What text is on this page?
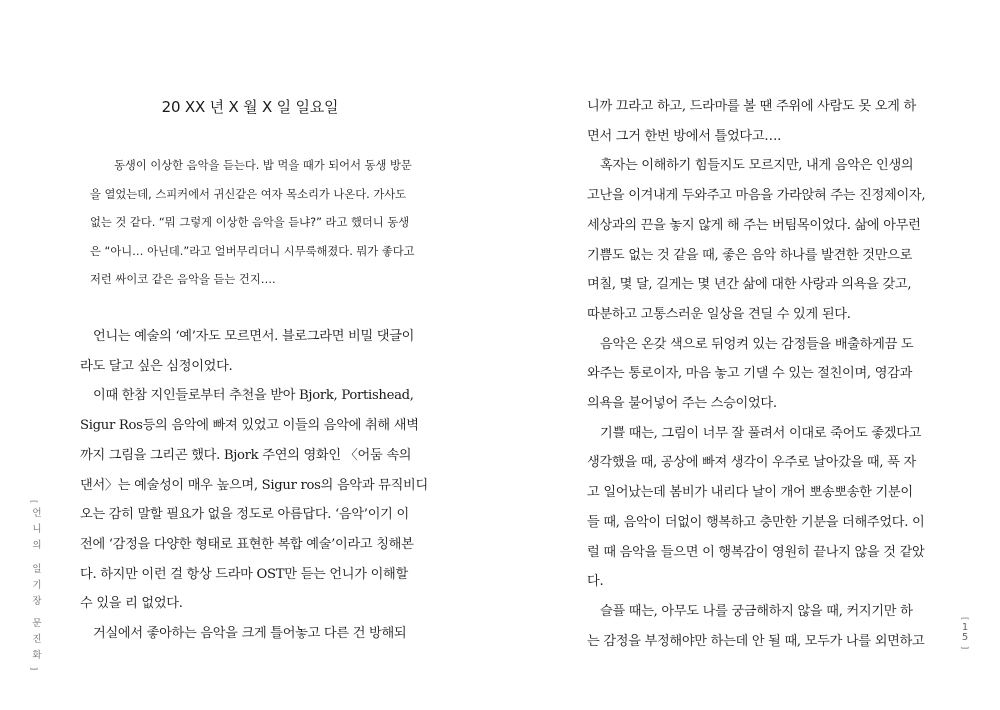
20 XX 년 X 월 X 일 일요일
동생이 이상한 음악을 듣는다. 밥 먹을 때가 되어서 동생 방문
을 열었는데, 스피커에서 귀신같은 여자 목소리가 나온다. 가사도
없는 것 같다. “뭐 그렇게 이상한 음악을 듣냐?” 라고 했더니 동생
은 “아니… 아닌데.”라고 얼버무리더니 시무룩해졌다. 뭐가 좋다고
저런 싸이코 같은 음악을 듣는 건지….
언니는 예술의 ‘예’자도 모르면서. 블로그라면 비밀 댓글이
라도 달고 싶은 심정이었다.
이때 한참 지인들로부터 추천을 받아 Bjork, Portishead,
Sigur Ros등의 음악에 빠져 있었고 이들의 음악에 취해 새벽
까지 그림을 그리곤 했다. Bjork 주연의 영화인 〈어둠 속의
댄서〉는 예술성이 매우 높으며, Sigur ros의 음악과 뮤직비디
오는 감히 말할 필요가 없을 정도로 아름답다. ‘음악’이기 이
전에 ‘감정을 다양한 형태로 표현한 복합 예술’이라고 칭해본
다. 하지만 이런 걸 항상 드라마 OST만 듣는 언니가 이해할
수 있을 리 없었다.
거실에서 좋아하는 음악을 크게 틀어놓고 다른 건 방해되
[
언
니
의
일
기
장
문
진
화
]
니까 끄라고 하고, 드라마를 볼 땐 주위에 사람도 못 오게 하
면서 그거 한번 방에서 틀었다고….
혹자는 이해하기 힘들지도 모르지만, 내게 음악은 인생의
고난을 이겨내게 두와주고 마음을 가라앉혀 주는 진정제이자,
세상과의 끈을 놓지 않게 해 주는 버팀목이었다. 삶에 아무런
기쁨도 없는 것 같을 때, 좋은 음악 하나를 발견한 것만으로
며칠, 몇 달, 길게는 몇 년간 삶에 대한 사랑과 의욕을 갖고,
따분하고 고통스러운 일상을 견딜 수 있게 된다.
음악은 온갖 색으로 뒤엉켜 있는 감정들을 배출하게끔 도
와주는 통로이자, 마음 놓고 기댈 수 있는 절친이며, 영감과
의욕을 불어넣어 주는 스승이었다.
기쁠 때는, 그림이 너무 잘 풀려서 이대로 죽어도 좋겠다고
생각했을 때, 공상에 빠져 생각이 우주로 날아갔을 때, 푹 자
고 일어났는데 봄비가 내리다 날이 개어 뽀송뽀송한 기분이
들 때, 음악이 더없이 행복하고 충만한 기분을 더해주었다. 이
럴 때 음악을 들으면 이 행복감이 영원히 끝나지 않을 것 같았
다.
슬플 때는, 아무도 나를 궁금해하지 않을 때, 커지기만 하
는 감정을 부정해야만 하는데 안 될 때, 모두가 나를 외면하고
[
1
5
]
